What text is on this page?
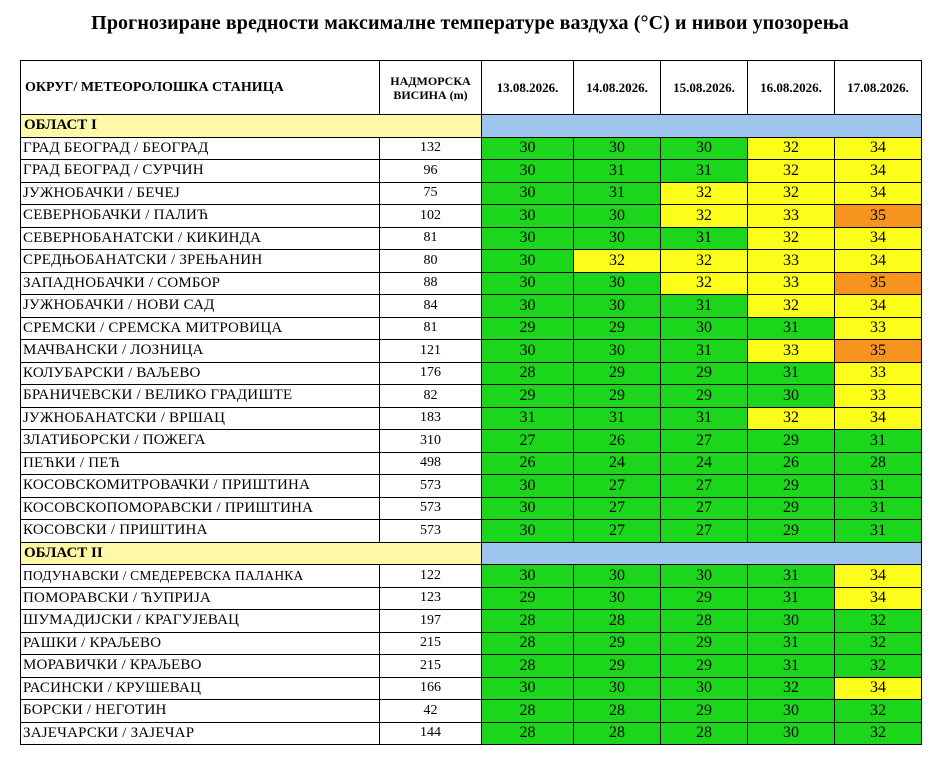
Прогнозиране вредности максималне температуре ваздуха (°C) и нивои упозорења
ОКРУГ/ МЕТЕОРОЛОШКА СТАНИЦА	НАДМОРСКА ВИСИНА (m)	13.08.2026.	14.08.2026.	15.08.2026.	16.08.2026.	17.08.2026.
ОБЛАСТ I						
ГРАД БЕОГРАД / БЕОГРАД	132	30	30	30	32	34
ГРАД БЕОГРАД / СУРЧИН	96	30	31	31	32	34
ЈУЖНОБАЧКИ / БЕЧЕЈ	75	30	31	32	32	34
СЕВЕРНОБАЧКИ / ПАЛИЋ	102	30	30	32	33	35
СЕВЕРНОБАНАТСКИ / КИКИНДА	81	30	30	31	32	34
СРЕДЊОБАНАТСКИ / ЗРЕЊАНИН	80	30	32	32	33	34
ЗАПАДНОБАЧКИ / СОМБОР	88	30	30	32	33	35
ЈУЖНОБАЧКИ / НОВИ САД	84	30	30	31	32	34
СРЕМСКИ / СРЕМСКА МИТРОВИЦА	81	29	29	30	31	33
МАЧВАНСКИ / ЛОЗНИЦА	121	30	30	31	33	35
КОЛУБАРСКИ / ВАЉЕВО	176	28	29	29	31	33
БРАНИЧЕВСКИ / ВЕЛИКО ГРАДИШТЕ	82	29	29	29	30	33
ЈУЖНОБАНАТСКИ / ВРШАЦ	183	31	31	31	32	34
ЗЛАТИБОРСКИ / ПОЖЕГА	310	27	26	27	29	31
ПЕЋКИ / ПЕЋ	498	26	24	24	26	28
КОСОВСКОМИТРОВАЧКИ / ПРИШТИНА	573	30	27	27	29	31
КОСОВСКОПОМОРАВСКИ / ПРИШТИНА	573	30	27	27	29	31
КОСОВСКИ / ПРИШТИНА	573	30	27	27	29	31
ОБЛАСТ II						
ПОДУНАВСКИ / СМЕДЕРЕВСКА ПАЛАНКА	122	30	30	30	31	34
ПОМОРАВСКИ / ЋУПРИЈА	123	29	30	29	31	34
ШУМАДИЈСКИ / КРАГУЈЕВАЦ	197	28	28	28	30	32
РАШКИ / КРАЉЕВО	215	28	29	29	31	32
МОРАВИЧКИ / КРАЉЕВО	215	28	29	29	31	32
РАСИНСКИ / КРУШЕВАЦ	166	30	30	30	32	34
БОРСКИ / НЕГОТИН	42	28	28	29	30	32
ЗАЈЕЧАРСКИ / ЗАЈЕЧАР	144	28	28	28	30	32
